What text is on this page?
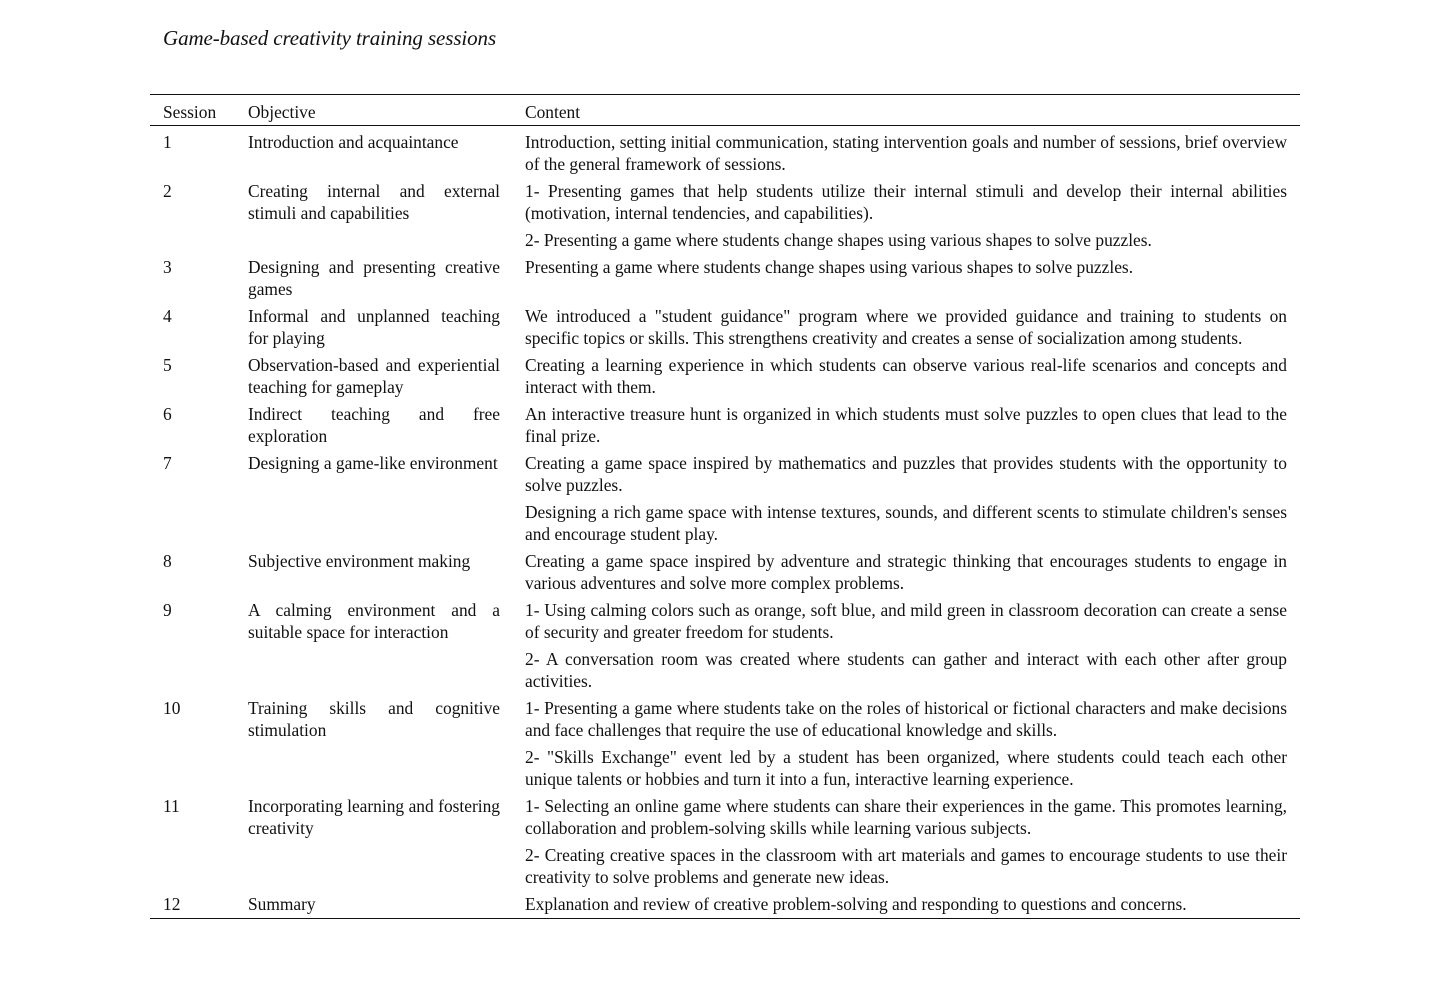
Game-based creativity training sessions
Session	Objective	Content
1	Introduction and acquaintance	Introduction, setting initial communication, stating intervention goals and number of sessions, brief overview of the general framework of sessions.

2	Creating internal and external stimuli and capabilities	1- Presenting games that help students utilize their internal stimuli and develop their internal abilities (motivation, internal tendencies, and capabilities).
2- Presenting a game where students change shapes using various shapes to solve puzzles.

3	Designing and presenting creative games	Presenting a game where students change shapes using various shapes to solve puzzles.

4	Informal and unplanned teaching for playing	We introduced a "student guidance" program where we provided guidance and training to students on specific topics or skills. This strengthens creativity and creates a sense of socialization among students.

5	Observation-based and experiential teaching for gameplay	Creating a learning experience in which students can observe various real-life scenarios and concepts and interact with them.

6	Indirect teaching and free exploration	An interactive treasure hunt is organized in which students must solve puzzles to open clues that lead to the final prize.

7	Designing a game-like environment	Creating a game space inspired by mathematics and puzzles that provides students with the opportunity to solve puzzles.
Designing a rich game space with intense textures, sounds, and different scents to stimulate children's senses and encourage student play.

8	Subjective environment making	Creating a game space inspired by adventure and strategic thinking that encourages students to engage in various adventures and solve more complex problems.

9	A calming environment and a suitable space for interaction	1- Using calming colors such as orange, soft blue, and mild green in classroom decoration can create a sense of security and greater freedom for students.
2- A conversation room was created where students can gather and interact with each other after group activities.

10	Training skills and cognitive stimulation	1- Presenting a game where students take on the roles of historical or fictional characters and make decisions and face challenges that require the use of educational knowledge and skills.
2- "Skills Exchange" event led by a student has been organized, where students could teach each other unique talents or hobbies and turn it into a fun, interactive learning experience.

11	Incorporating learning and fostering creativity	1- Selecting an online game where students can share their experiences in the game. This promotes learning, collaboration and problem-solving skills while learning various subjects.
2- Creating creative spaces in the classroom with art materials and games to encourage students to use their creativity to solve problems and generate new ideas.

12	Summary	Explanation and review of creative problem-solving and responding to questions and concerns.
